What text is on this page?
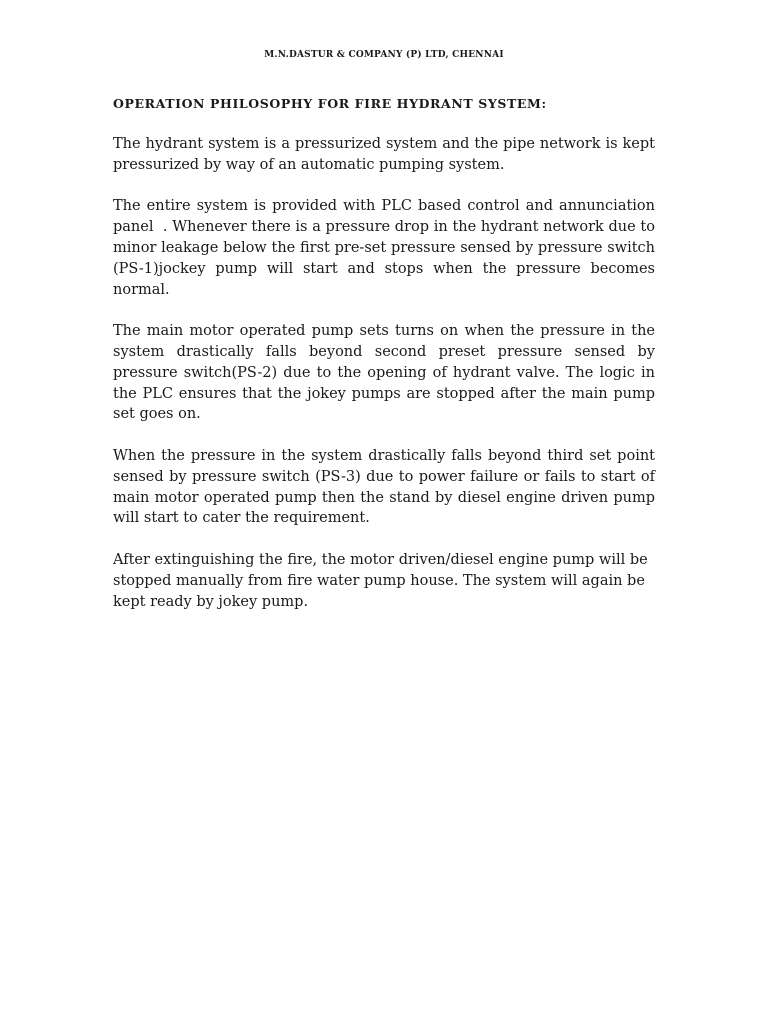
M.N.DASTUR & COMPANY (P) LTD, CHENNAI
OPERATION PHILOSOPHY FOR FIRE HYDRANT SYSTEM:

The hydrant system is a pressurized system and the pipe network is kept pressurized by way of an automatic pumping system.

The entire system is provided with PLC based control and annunciation panel  . Whenever there is a pressure drop in the hydrant network due to minor leakage below the first pre-set pressure sensed by pressure switch (PS-1)jockey pump will start and stops when the pressure becomes normal.

The main motor operated pump sets turns on when the pressure in the system drastically falls beyond second preset pressure sensed by pressure switch(PS-2) due to the opening of hydrant valve. The logic in the PLC ensures that the jokey pumps are stopped after the main pump set goes on.

When the pressure in the system drastically falls beyond third set point sensed by pressure switch (PS-3) due to power failure or fails to start of main motor operated pump then the stand by diesel engine driven pump will start to cater the requirement.

After extinguishing the fire, the motor driven/diesel engine pump will be stopped manually from fire water pump house. The system will again be kept ready by jokey pump.
